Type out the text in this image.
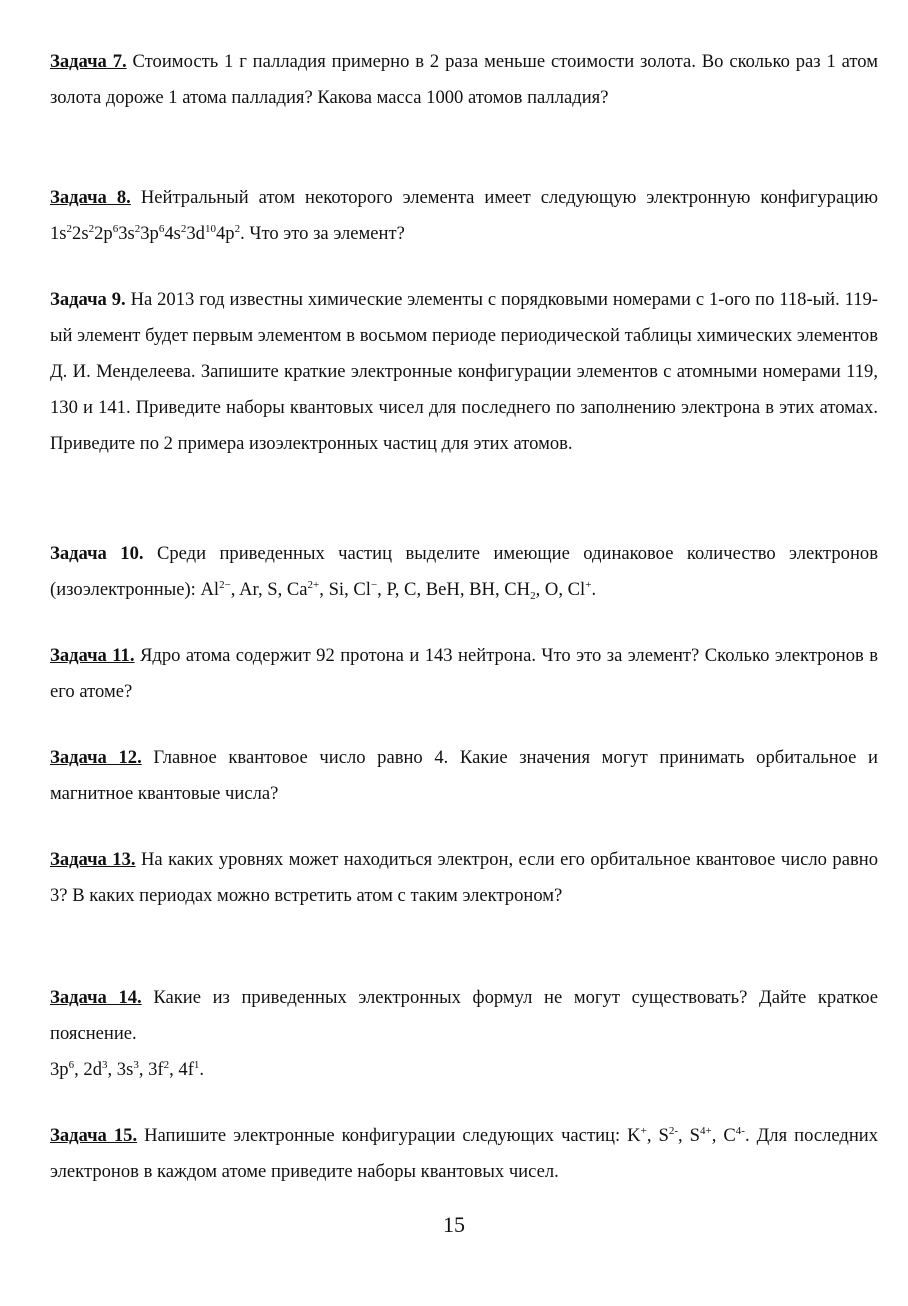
Задача 7. Стоимость 1 г палладия примерно в 2 раза меньше стоимости золота. Во сколько раз 1 атом золота дороже 1 атома палладия? Какова масса 1000 атомов палладия?

Задача 8. Нейтральный атом некоторого элемента имеет следующую электронную конфигурацию $1s^22s^22p^63s^23p^64s^23d^{10}4p^2$. Что это за элемент?

Задача 9. На 2013 год известны химические элементы с порядковыми номерами с 1-ого по 118-ый. 119-ый элемент будет первым элементом в восьмом периоде периодической таблицы химических элементов Д. И. Менделеева. Запишите краткие электронные конфигурации элементов с атомными номерами 119, 130 и 141. Приведите наборы квантовых чисел для последнего по заполнению электрона в этих атомах. Приведите по 2 примера изоэлектронных частиц для этих атомов.

Задача 10. Среди приведенных частиц выделите имеющие одинаковое количество электронов (изоэлектронные): $Al^{2-}$, Ar, S, $Ca^{2+}$, Si, Cl−, P, C, BeH, BH, $CH_2$, O, Cl+.

Задача 11. Ядро атома содержит 92 протона и 143 нейтрона. Что это за элемент? Сколько электронов в его атоме?

Задача 12. Главное квантовое число равно 4. Какие значения могут принимать орбитальное и магнитное квантовые числа?

Задача 13. На каких уровнях может находиться электрон, если его орбитальное квантовое число равно 3? В каких периодах можно встретить атом с таким электроном?

Задача 14. Какие из приведенных электронных формул не могут существовать? Дайте краткое пояснение.
$3p^6$, $2d^3$, $3s^3$, $3f^2$, $4f^1$.

Задача 15. Напишите электронные конфигурации следующих частиц: K+, $S^{2-}$, $S^{4+}$, $C^{4-}$. Для последних электронов в каждом атоме приведите наборы квантовых чисел.

15
